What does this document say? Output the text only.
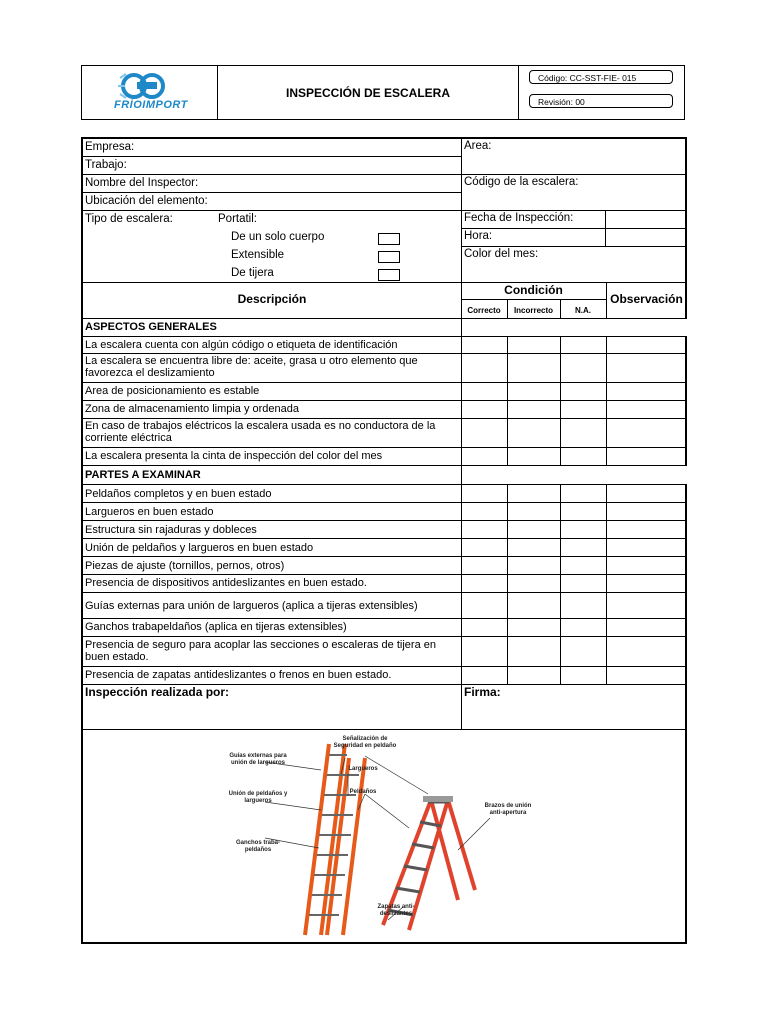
FRÍOIMPORT
INSPECCIÓN DE ESCALERA
Código: CC-SST-FIE- 015
Revisión: 00
Empresa:	Area:
Trabajo:
Nombre del Inspector:	Código de la escalera:
Ubicación del elemento:
Tipo de escalera:	Portatil:
De un solo cuerpo
Extensible
De tijera
Fecha de Inspección:
Hora:
Color del mes:
Descripción
Condición
Correcto	Incorrecto	N.A.
Observación
ASPECTOS GENERALES
La escalera cuenta con algún código o etiqueta de identificación
La escalera se encuentra libre de: aceite, grasa u otro elemento que favorezca el deslizamiento
Area de posicionamiento es estable
Zona de almacenamiento limpia y ordenada
En caso de trabajos eléctricos la escalera usada es no conductora de la corriente eléctrica
La escalera presenta la cinta de inspección del color del mes
PARTES A EXAMINAR
Peldaños completos y en buen estado
Largueros en buen estado
Estructura sin rajaduras y dobleces
Unión de peldaños y largueros en buen estado
Piezas de ajuste (tornillos, pernos, otros)
Presencia de dispositivos antideslizantes en buen estado.
Guías externas para unión de largueros (aplica a tijeras extensibles)
Ganchos trabapeldaños (aplica en tijeras extensibles)
Presencia de seguro para acoplar las secciones o escaleras de tijera en buen estado.
Presencia de zapatas antideslizantes o frenos en buen estado.
Inspección realizada por:	Firma:
Guías externas para unión de largueros
Señalización de Seguridad en peldaño
Largueros
Unión de peldaños y largueros
Peldaños
Brazos de unión anti-apertura
Ganchos traba-peldaños
Zapatas anti-deslizantes
